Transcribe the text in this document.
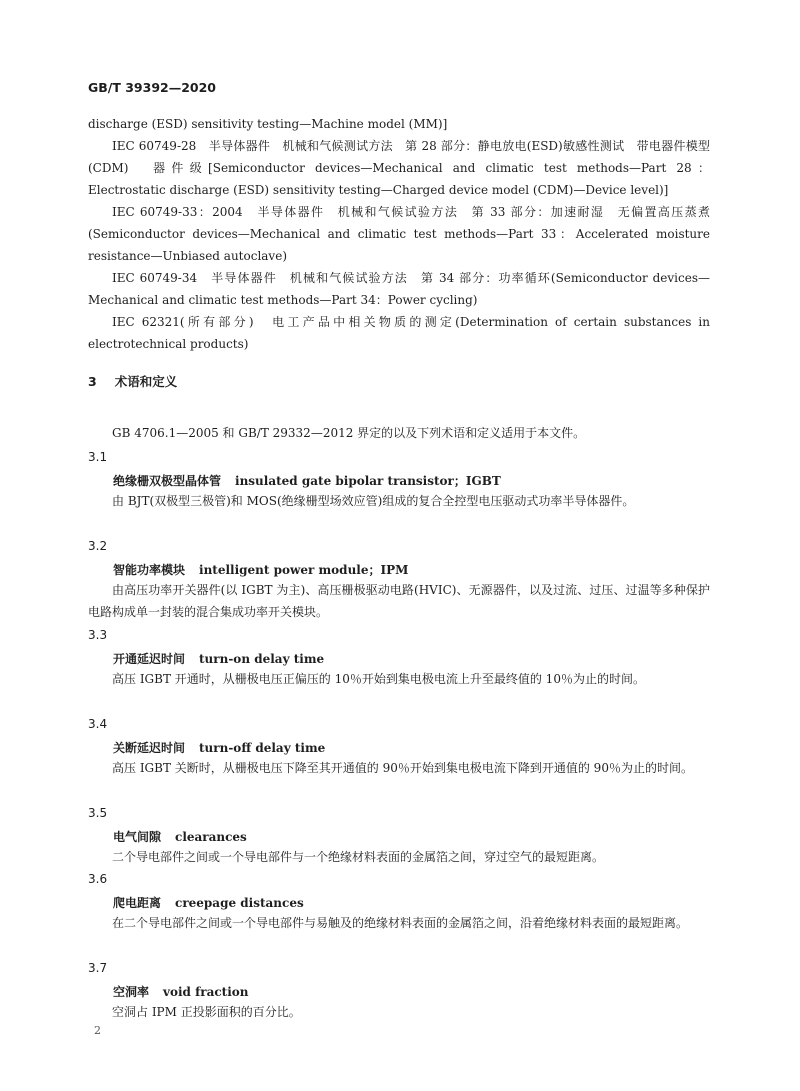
GB/T 39392—2020

discharge (ESD) sensitivity testing—Machine model (MM)]

IEC 60749-28　半导体器件　机械和气候测试方法　第 28 部分：静电放电(ESD)敏感性测试　带电器件模型(CDM)　器件级[Semiconductor devices—Mechanical and climatic test methods—Part 28：Electrostatic discharge (ESD) sensitivity testing—Charged device model (CDM)—Device level)]

IEC 60749-33：2004　半导体器件　机械和气候试验方法　第 33 部分：加速耐湿　无偏置高压蒸煮(Semiconductor devices—Mechanical and climatic test methods—Part 33：Accelerated moisture resistance—Unbiased autoclave)

IEC 60749-34　半导体器件　机械和气候试验方法　第 34 部分：功率循环(Semiconductor devices—Mechanical and climatic test methods—Part 34：Power cycling)

IEC 62321(所有部分)　电工产品中相关物质的测定(Determination of certain substances in electrotechnical products)

3 术语和定义

GB 4706.1—2005 和 GB/T 29332—2012 界定的以及下列术语和定义适用于本文件。

3.1
绝缘栅双极型晶体管 insulated gate bipolar transistor；IGBT

由 BJT(双极型三极管)和 MOS(绝缘栅型场效应管)组成的复合全控型电压驱动式功率半导体器件。

3.2
智能功率模块 intelligent power module；IPM

由高压功率开关器件(以 IGBT 为主)、高压栅极驱动电路(HVIC)、无源器件，以及过流、过压、过温等多种保护电路构成单一封装的混合集成功率开关模块。

3.3
开通延迟时间 turn-on delay time

高压 IGBT 开通时，从栅极电压正偏压的 10％开始到集电极电流上升至最终值的 10％为止的时间。

3.4
关断延迟时间 turn-off delay time

高压 IGBT 关断时，从栅极电压下降至其开通值的 90％开始到集电极电流下降到开通值的 90％为止的时间。

3.5
电气间隙 clearances

二个导电部件之间或一个导电部件与一个绝缘材料表面的金属箔之间，穿过空气的最短距离。

3.6
爬电距离 creepage distances

在二个导电部件之间或一个导电部件与易触及的绝缘材料表面的金属箔之间，沿着绝缘材料表面的最短距离。

3.7
空洞率 void fraction

空洞占 IPM 正投影面积的百分比。

2
